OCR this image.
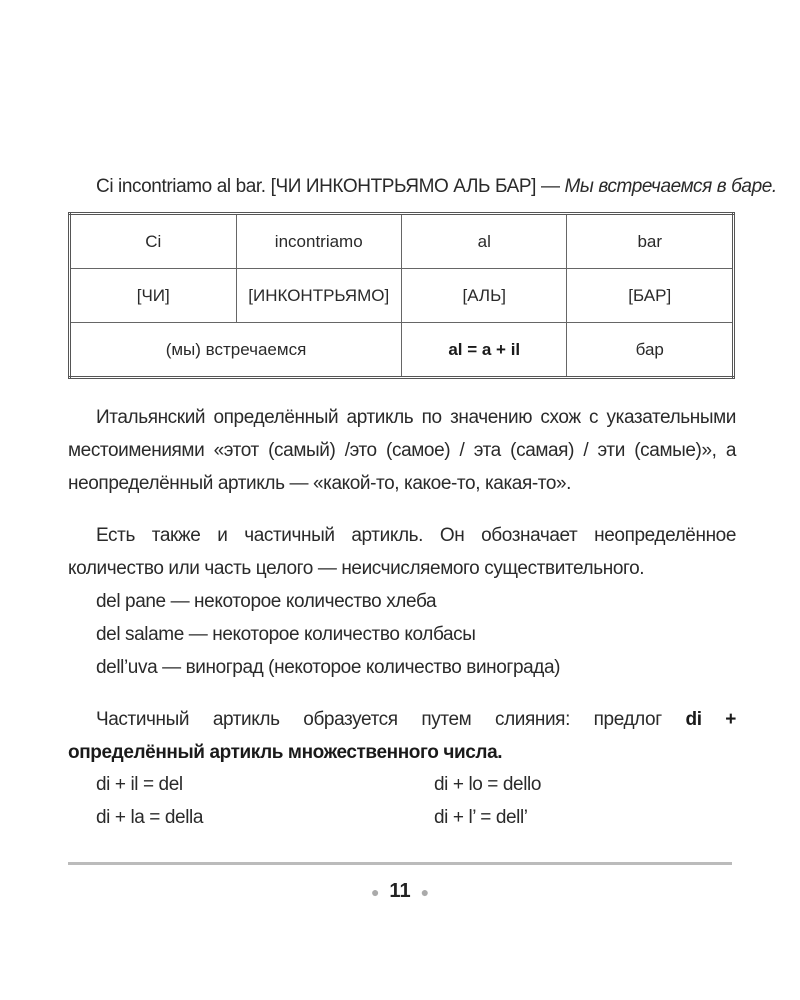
Ci incontriamo al bar. [ЧИ ИНКОНТРЬЯМО АЛЬ БАР] — Мы встречаемся в баре.
Ci	incontriamo	al	bar
[ЧИ]	[ИНКОНТРЬЯМО]	[АЛЬ]	[БАР]
(мы) встречаемся		al = a + il	бар
Итальянский определённый артикль по значению схож с указательными местоимениями «этот (самый) /это (самое) / эта (самая) / эти (самые)», а неопределённый артикль — «какой-то, какое-то, какая-то».
Есть также и частичный артикль. Он обозначает неопределённое количество или часть целого — неисчисляемого существительного.
del pane — некоторое количество хлеба
del salame — некоторое количество колбасы
dell’uva — виноград (некоторое количество винограда)
Частичный артикль образуется путем слияния: предлог di + определённый артикль множественного числа.
di + il = del
di + la = della
di + lo = dello
di + l’ = dell’
● 11 ●
